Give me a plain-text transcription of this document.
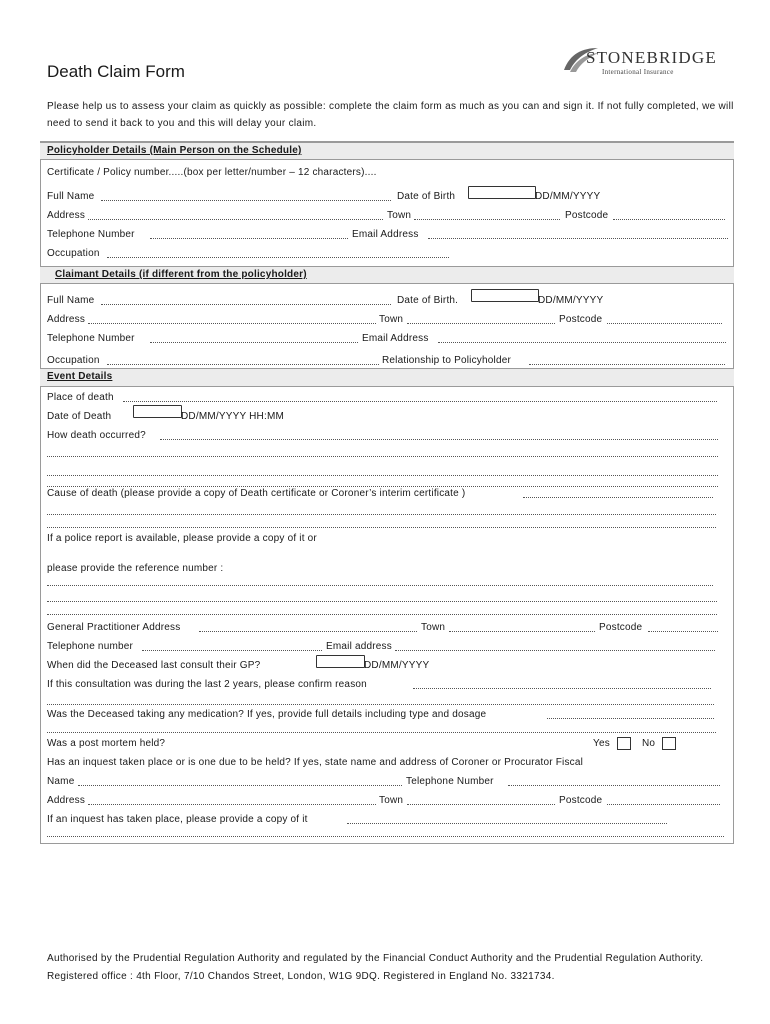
Death Claim Form
STONEBRIDGE
International Insurance
Please help us to assess your claim as quickly as possible: complete the claim form as much as you can and sign it. If not fully completed, we will need to send it back to you and this will delay your claim.
Policyholder Details (Main Person on the Schedule)
Certificate / Policy number.....(box per letter/number – 12 characters)....
Full Name	Date of Birth	DD/MM/YYYY
Address	Town	Postcode
Telephone Number	Email Address
Occupation
Claimant Details (if different from the policyholder)
Full Name	Date of Birth.	DD/MM/YYYY
Address	Town	Postcode
Telephone Number	Email Address
Occupation	Relationship to Policyholder
Event Details
Place of death
Date of Death	DD/MM/YYYY HH:MM
How death occurred?
Cause of death (please provide a copy of Death certificate or Coroner’s interim certificate )
If a police report is available, please provide a copy of it or
please provide the reference number :
General Practitioner Address	Town	Postcode
Telephone number	Email address
When did the Deceased last consult their GP?	DD/MM/YYYY
If this consultation was during the last 2 years, please confirm reason
Was the Deceased taking any medication? If yes, provide full details including type and dosage
Was a post mortem held?	Yes	No
Has an inquest taken place or is one due to be held? If yes, state name and address of Coroner or Procurator Fiscal
Name	Telephone Number
Address	Town	Postcode
If an inquest has taken place, please provide a copy of it
Authorised by the Prudential Regulation Authority and regulated by the Financial Conduct Authority and the Prudential Regulation Authority. Registered office : 4th Floor, 7/10 Chandos Street, London, W1G 9DQ. Registered in England No. 3321734.
